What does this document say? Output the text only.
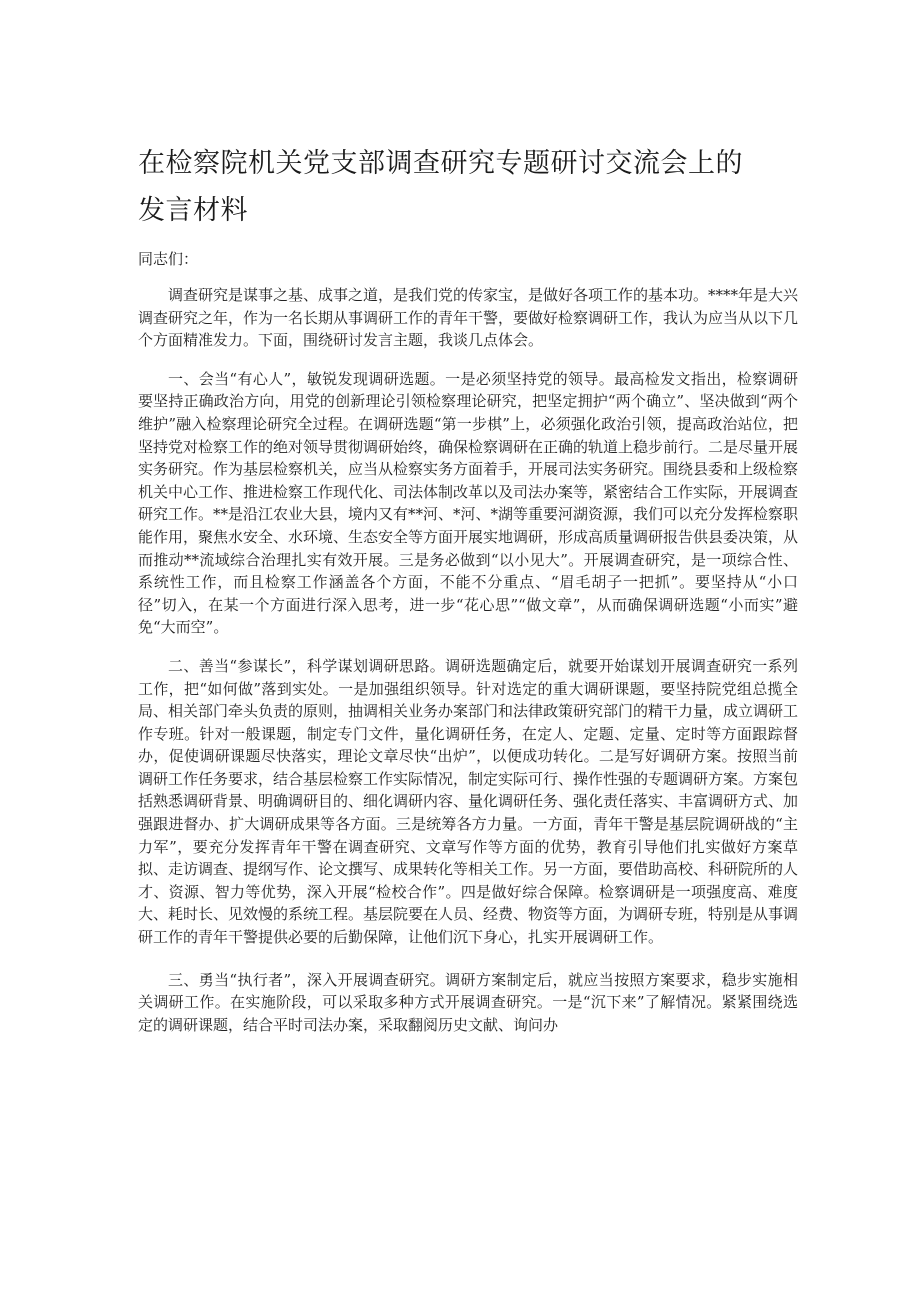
在检察院机关党支部调查研究专题研讨交流会上的
发言材料

同志们：

调查研究是谋事之基、成事之道，是我们党的传家宝，是做好各项工作的基本功。****年是大兴调查研究之年，作为一名长期从事调研工作的青年干警，要做好检察调研工作，我认为应当从以下几个方面精准发力。下面，围绕研讨发言主题，我谈几点体会。

一、会当“有心人”，敏锐发现调研选题。一是必须坚持党的领导。最高检发文指出，检察调研要坚持正确政治方向，用党的创新理论引领检察理论研究，把坚定拥护“两个确立”、坚决做到“两个维护”融入检察理论研究全过程。在调研选题“第一步棋”上，必须强化政治引领，提高政治站位，把坚持党对检察工作的绝对领导贯彻调研始终，确保检察调研在正确的轨道上稳步前行。二是尽量开展实务研究。作为基层检察机关，应当从检察实务方面着手，开展司法实务研究。围绕县委和上级检察机关中心工作、推进检察工作现代化、司法体制改革以及司法办案等，紧密结合工作实际，开展调查研究工作。**是沿江农业大县，境内又有**河、*河、*湖等重要河湖资源，我们可以充分发挥检察职能作用，聚焦水安全、水环境、生态安全等方面开展实地调研，形成高质量调研报告供县委决策，从而推动**流域综合治理扎实有效开展。三是务必做到“以小见大”。开展调查研究，是一项综合性、系统性工作，而且检察工作涵盖各个方面，不能不分重点、“眉毛胡子一把抓”。要坚持从“小口径”切入，在某一个方面进行深入思考，进一步“花心思”“做文章”，从而确保调研选题“小而实”避免“大而空”。

二、善当“参谋长”，科学谋划调研思路。调研选题确定后，就要开始谋划开展调查研究一系列工作，把“如何做”落到实处。一是加强组织领导。针对选定的重大调研课题，要坚持院党组总揽全局、相关部门牵头负责的原则，抽调相关业务办案部门和法律政策研究部门的精干力量，成立调研工作专班。针对一般课题，制定专门文件，量化调研任务，在定人、定题、定量、定时等方面跟踪督办，促使调研课题尽快落实，理论文章尽快“出炉”，以便成功转化。二是写好调研方案。按照当前调研工作任务要求，结合基层检察工作实际情况，制定实际可行、操作性强的专题调研方案。方案包括熟悉调研背景、明确调研目的、细化调研内容、量化调研任务、强化责任落实、丰富调研方式、加强跟进督办、扩大调研成果等各方面。三是统筹各方力量。一方面，青年干警是基层院调研战的“主力军”，要充分发挥青年干警在调查研究、文章写作等方面的优势，教育引导他们扎实做好方案草拟、走访调查、提纲写作、论文撰写、成果转化等相关工作。另一方面，要借助高校、科研院所的人才、资源、智力等优势，深入开展“检校合作”。四是做好综合保障。检察调研是一项强度高、难度大、耗时长、见效慢的系统工程。基层院要在人员、经费、物资等方面，为调研专班，特别是从事调研工作的青年干警提供必要的后勤保障，让他们沉下身心，扎实开展调研工作。

三、勇当“执行者”，深入开展调查研究。调研方案制定后，就应当按照方案要求，稳步实施相关调研工作。在实施阶段，可以采取多种方式开展调查研究。一是“沉下来”了解情况。紧紧围绕选定的调研课题，结合平时司法办案，采取翻阅历史文献、询问办
